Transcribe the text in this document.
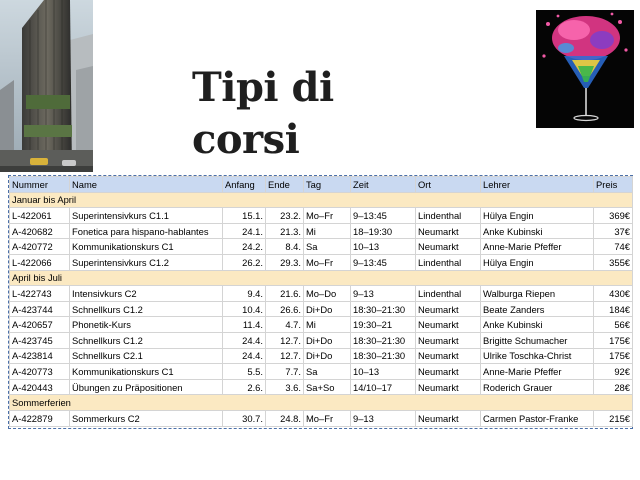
Tipi di corsi
Nummer	Name	Anfang	Ende	Tag	Zeit	Ort	Lehrer	Preis
Januar bis April								
L-422061	Superintensivkurs C1.1	15.1.	23.2.	Mo–Fr	9–13:45	Lindenthal	Hülya Engin	369€
A-420682	Fonetica para hispano-hablantes	24.1.	21.3.	Mi	18–19:30	Neumarkt	Anke Kubinski	37€
A-420772	Kommunikationskurs C1	24.2.	8.4.	Sa	10–13	Neumarkt	Anne-Marie Pfeffer	74€
L-422066	Superintensivkurs C1.2	26.2.	29.3.	Mo–Fr	9–13:45	Lindenthal	Hülya Engin	355€
April bis Juli								
L-422743	Intensivkurs C2	9.4.	21.6.	Mo–Do	9–13	Lindenthal	Walburga Riepen	430€
A-423744	Schnellkurs C1.2	10.4.	26.6.	Di+Do	18:30–21:30	Neumarkt	Beate Zanders	184€
A-420657	Phonetik-Kurs	11.4.	4.7.	Mi	19:30–21	Neumarkt	Anke Kubinski	56€
A-423745	Schnellkurs C1.2	24.4.	12.7.	Di+Do	18:30–21:30	Neumarkt	Brigitte Schumacher	175€
A-423814	Schnellkurs C2.1	24.4.	12.7.	Di+Do	18:30–21:30	Neumarkt	Ulrike Toschka-Christ	175€
A-420773	Kommunikationskurs C1	5.5.	7.7.	Sa	10–13	Neumarkt	Anne-Marie Pfeffer	92€
A-420443	Übungen zu Präpositionen	2.6.	3.6.	Sa+So	14/10–17	Neumarkt	Roderich Grauer	28€
Sommerferien								
A-422879	Sommerkurs C2	30.7.	24.8.	Mo–Fr	9–13	Neumarkt	Carmen Pastor-Franke	215€
